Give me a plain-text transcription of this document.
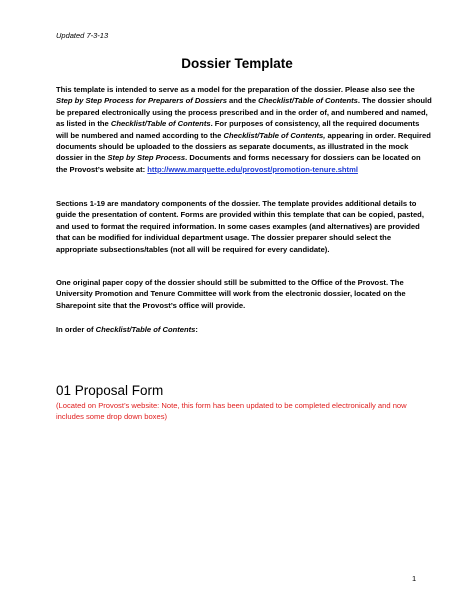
Updated 7-3-13
Dossier Template
This template is intended to serve as a model for the preparation of the dossier. Please also see the Step by Step Process for Preparers of Dossiers and the Checklist/Table of Contents. The dossier should be prepared electronically using the process prescribed and in the order of, and numbered and named, as listed in the Checklist/Table of Contents. For purposes of consistency, all the required documents will be numbered and named according to the Checklist/Table of Contents, appearing in order. Required documents should be uploaded to the dossiers as separate documents, as illustrated in the mock dossier in the Step by Step Process. Documents and forms necessary for dossiers can be located on the Provost’s website at: http://www.marquette.edu/provost/promotion-tenure.shtml
Sections 1-19 are mandatory components of the dossier. The template provides additional details to guide the presentation of content. Forms are provided within this template that can be copied, pasted, and used to format the required information. In some cases examples (and alternatives) are provided that can be modified for individual department usage. The dossier preparer should select the appropriate subsections/tables (not all will be required for every candidate).
One original paper copy of the dossier should still be submitted to the Office of the Provost. The University Promotion and Tenure Committee will work from the electronic dossier, located on the Sharepoint site that the Provost’s office will provide.
In order of Checklist/Table of Contents:
01 Proposal Form
(Located on Provost’s website: Note, this form has been updated to be completed electronically and now includes some drop down boxes)
1
